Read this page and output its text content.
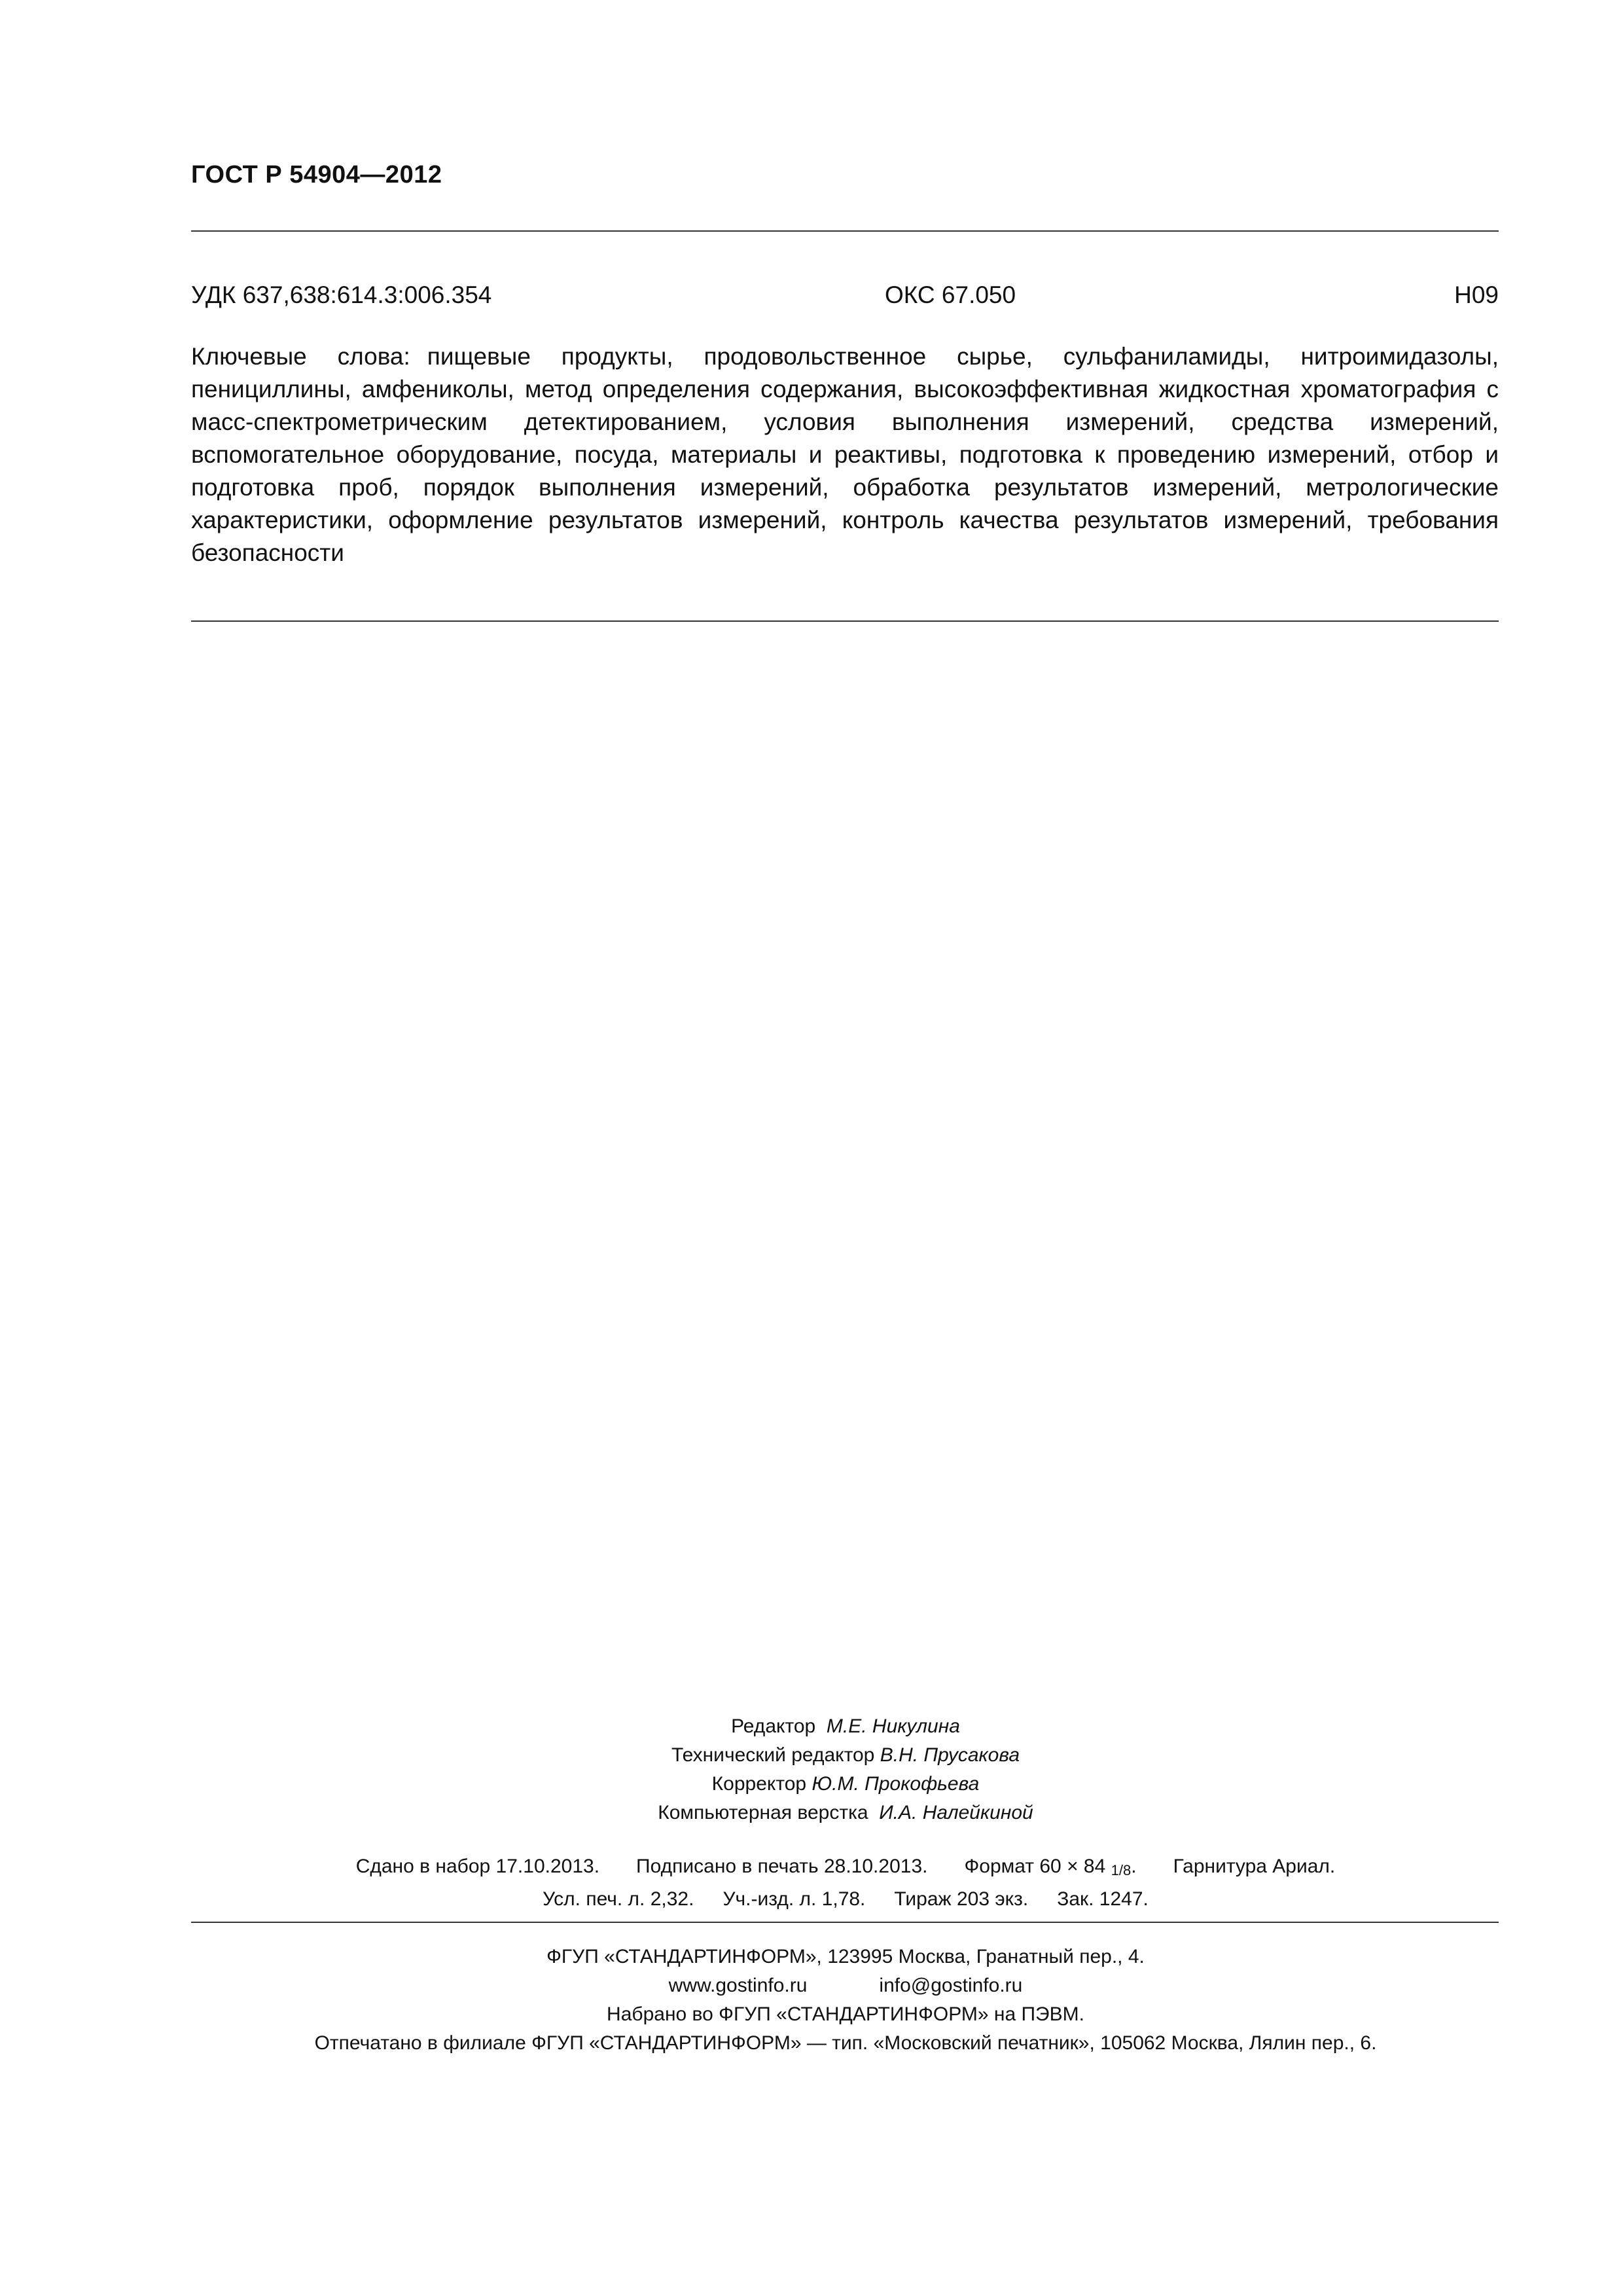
ГОСТ Р 54904—2012
УДК 637,638:614.3:006.354	ОКС 67.050	Н09
Ключевые слова: пищевые продукты, продовольственное сырье, сульфаниламиды, нитроимидазолы, пенициллины, амфениколы, метод определения содержания, высокоэффективная жидкостная хроматография с масс-спектрометрическим детектированием, условия выполнения измерений, средства измерений, вспомогательное оборудование, посуда, материалы и реактивы, подготовка к проведению измерений, отбор и подготовка проб, порядок выполнения измерений, обработка результатов измерений, метрологические характеристики, оформление результатов измерений, контроль качества результатов измерений, требования безопасности
Редактор М.Е. Никулина
Технический редактор В.Н. Прусакова
Корректор Ю.М. Прокофьева
Компьютерная верстка И.А. Налейкиной
Сдано в набор 17.10.2013. Подписано в печать 28.10.2013. Формат 60 × 84 1/8. Гарнитура Ариал.
Усл. печ. л. 2,32. Уч.-изд. л. 1,78. Тираж 203 экз. Зак. 1247.
ФГУП «СТАНДАРТИНФОРМ», 123995 Москва, Гранатный пер., 4.
www.gostinfo.ru	info@gostinfo.ru
Набрано во ФГУП «СТАНДАРТИНФОРМ» на ПЭВМ.
Отпечатано в филиале ФГУП «СТАНДАРТИНФОРМ» — тип. «Московский печатник», 105062 Москва, Лялин пер., 6.
